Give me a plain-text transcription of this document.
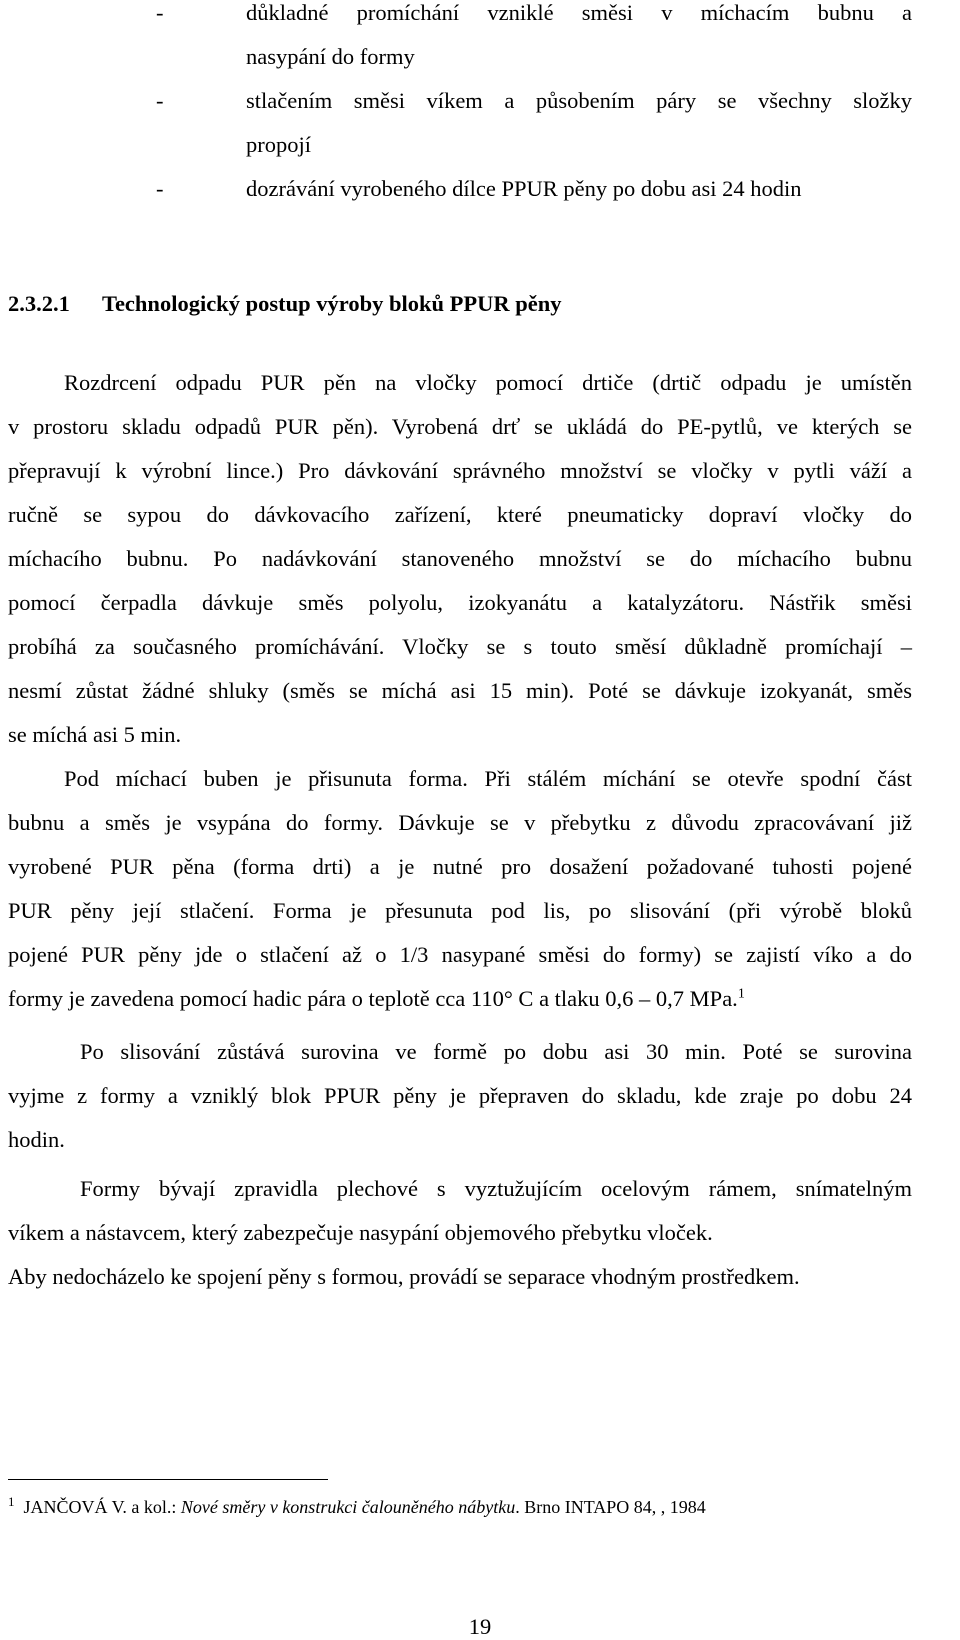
-	důkladné promíchání vzniklé směsi v míchacím bubnu a
nasypání do formy
-	stlačením směsi víkem a působením páry se všechny složky
propojí
-	dozrávání vyrobeného dílce PPUR pěny po dobu asi 24 hodin
2.3.2.1 Technologický postup výroby bloků PPUR pěny
Rozdrcení odpadu PUR pěn na vločky pomocí drtiče (drtič odpadu je umístěn
v prostoru skladu odpadů PUR pěn). Vyrobená drť se ukládá do PE-pytlů, ve kterých se
přepravují k výrobní lince.) Pro dávkování správného množství se vločky v pytli váží a
ručně se sypou do dávkovacího zařízení, které pneumaticky dopraví vločky do
míchacího bubnu. Po nadávkování stanoveného množství se do míchacího bubnu
pomocí čerpadla dávkuje směs polyolu, izokyanátu a katalyzátoru. Nástřik směsi
probíhá za současného promíchávání. Vločky se s touto směsí důkladně promíchají –
nesmí zůstat žádné shluky (směs se míchá asi 15 min). Poté se dávkuje izokyanát, směs
se míchá asi 5 min.
Pod míchací buben je přisunuta forma. Při stálém míchání se otevře spodní část
bubnu a směs je vsypána do formy. Dávkuje se v přebytku z důvodu zpracovávaní již
vyrobené PUR pěna (forma drti) a je nutné pro dosažení požadované tuhosti pojené
PUR pěny její stlačení. Forma je přesunuta pod lis, po slisování (při výrobě bloků
pojené PUR pěny jde o stlačení až o 1/3 nasypané směsi do formy) se zajistí víko a do
formy je zavedena pomocí hadic pára o teplotě cca 110° C a tlaku 0,6 – 0,7 MPa.$^1$
Po slisování zůstává surovina ve formě po dobu asi 30 min. Poté se surovina
vyjme z formy a vzniklý blok PPUR pěny je přepraven do skladu, kde zraje po dobu 24
hodin.
Formy bývají zpravidla plechové s vyztužujícím ocelovým rámem, snímatelným
víkem a nástavcem, který zabezpečuje nasypání objemového přebytku vloček.
Aby nedocházelo ke spojení pěny s formou, provádí se separace vhodným prostředkem.
$^1$ JANČOVÁ V. a kol.: Nové směry v konstrukci čalouněného nábytku. Brno INTAPO 84, , 1984
19
